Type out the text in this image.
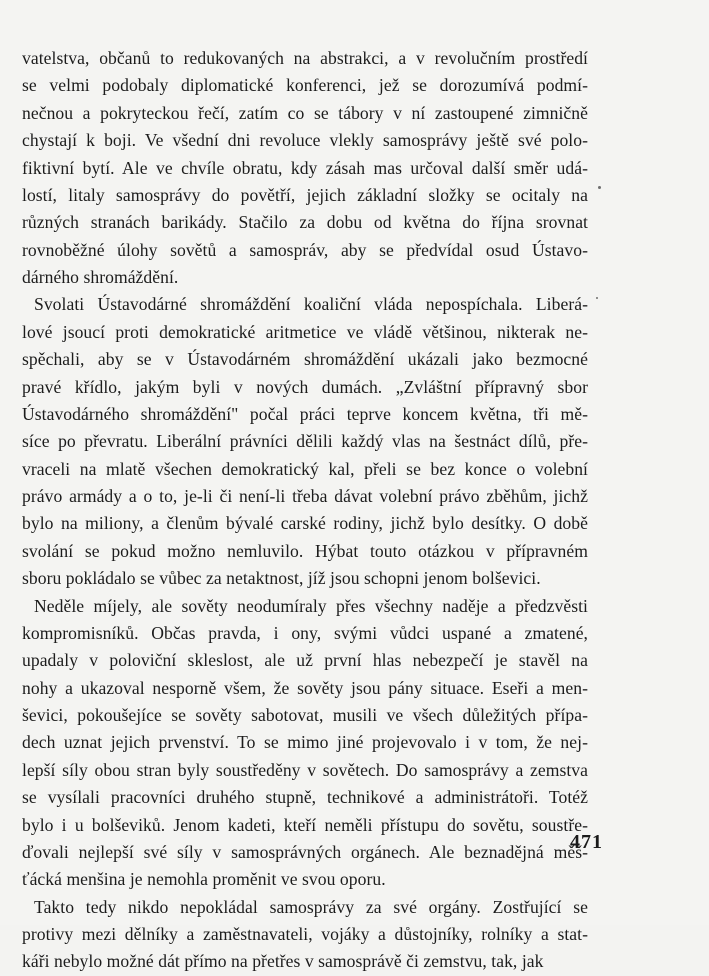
vatelstva, občanů to redukovaných na abstrakci, a v revolučním prostředí
se velmi podobaly diplomatické konferenci, jež se dorozumívá podmí-
nečnou a pokryteckou řečí, zatím co se tábory v ní zastoupené zimničně
chystají k boji. Ve všední dni revoluce vlekly samosprávy ještě své polo-
fiktivní bytí. Ale ve chvíle obratu, kdy zásah mas určoval další směr udá-
lostí, litaly samosprávy do povětří, jejich základní složky se ocitaly na
různých stranách barikády. Stačilo za dobu od května do října srovnat
rovnoběžné úlohy sovětů a samospráv, aby se předvídal osud Ústavo-
dárného shromáždění.
Svolati Ústavodárné shromáždění koaliční vláda nepospíchala. Liberá-
lové jsoucí proti demokratické aritmetice ve vládě většinou, nikterak ne-
spěchali, aby se v Ústavodárném shromáždění ukázali jako bezmocné
pravé křídlo, jakým byli v nových dumách. „Zvláštní přípravný sbor
Ústavodárného shromáždění" počal práci teprve koncem května, tři mě-
síce po převratu. Liberální právníci dělili každý vlas na šestnáct dílů, pře-
vraceli na mlatě všechen demokratický kal, přeli se bez konce o volební
právo armády a o to, je-li či není-li třeba dávat volební právo zběhům, jichž
bylo na miliony, a členům bývalé carské rodiny, jichž bylo desítky. O době
svolání se pokud možno nemluvilo. Hýbat touto otázkou v přípravném
sboru pokládalo se vůbec za netaktnost, jíž jsou schopni jenom bolševici.
Neděle míjely, ale sověty neodumíraly přes všechny naděje a předzvěsti
kompromisníků. Občas pravda, i ony, svými vůdci uspané a zmatené,
upadaly v poloviční skleslost, ale už první hlas nebezpečí je stavěl na
nohy a ukazoval nesporně všem, že sověty jsou pány situace. Eseři a men-
ševici, pokoušejíce se sověty sabotovat, musili ve všech důležitých přípa-
dech uznat jejich prvenství. To se mimo jiné projevovalo i v tom, že nej-
lepší síly obou stran byly soustředěny v sovětech. Do samosprávy a zemstva
se vysílali pracovníci druhého stupně, technikové a administrátoři. Totéž
bylo i u bolševiků. Jenom kadeti, kteří neměli přístupu do sovětu, soustře-
ďovali nejlepší své síly v samosprávných orgánech. Ale beznadějná měš-
ťácká menšina je nemohla proměnit ve svou oporu.
Takto tedy nikdo nepokládal samosprávy za své orgány. Zostřující se
protivy mezi dělníky a zaměstnavateli, vojáky a důstojníky, rolníky a stat-
káři nebylo možné dát přímo na přetřes v samosprávě či zemstvu, tak, jak
471
